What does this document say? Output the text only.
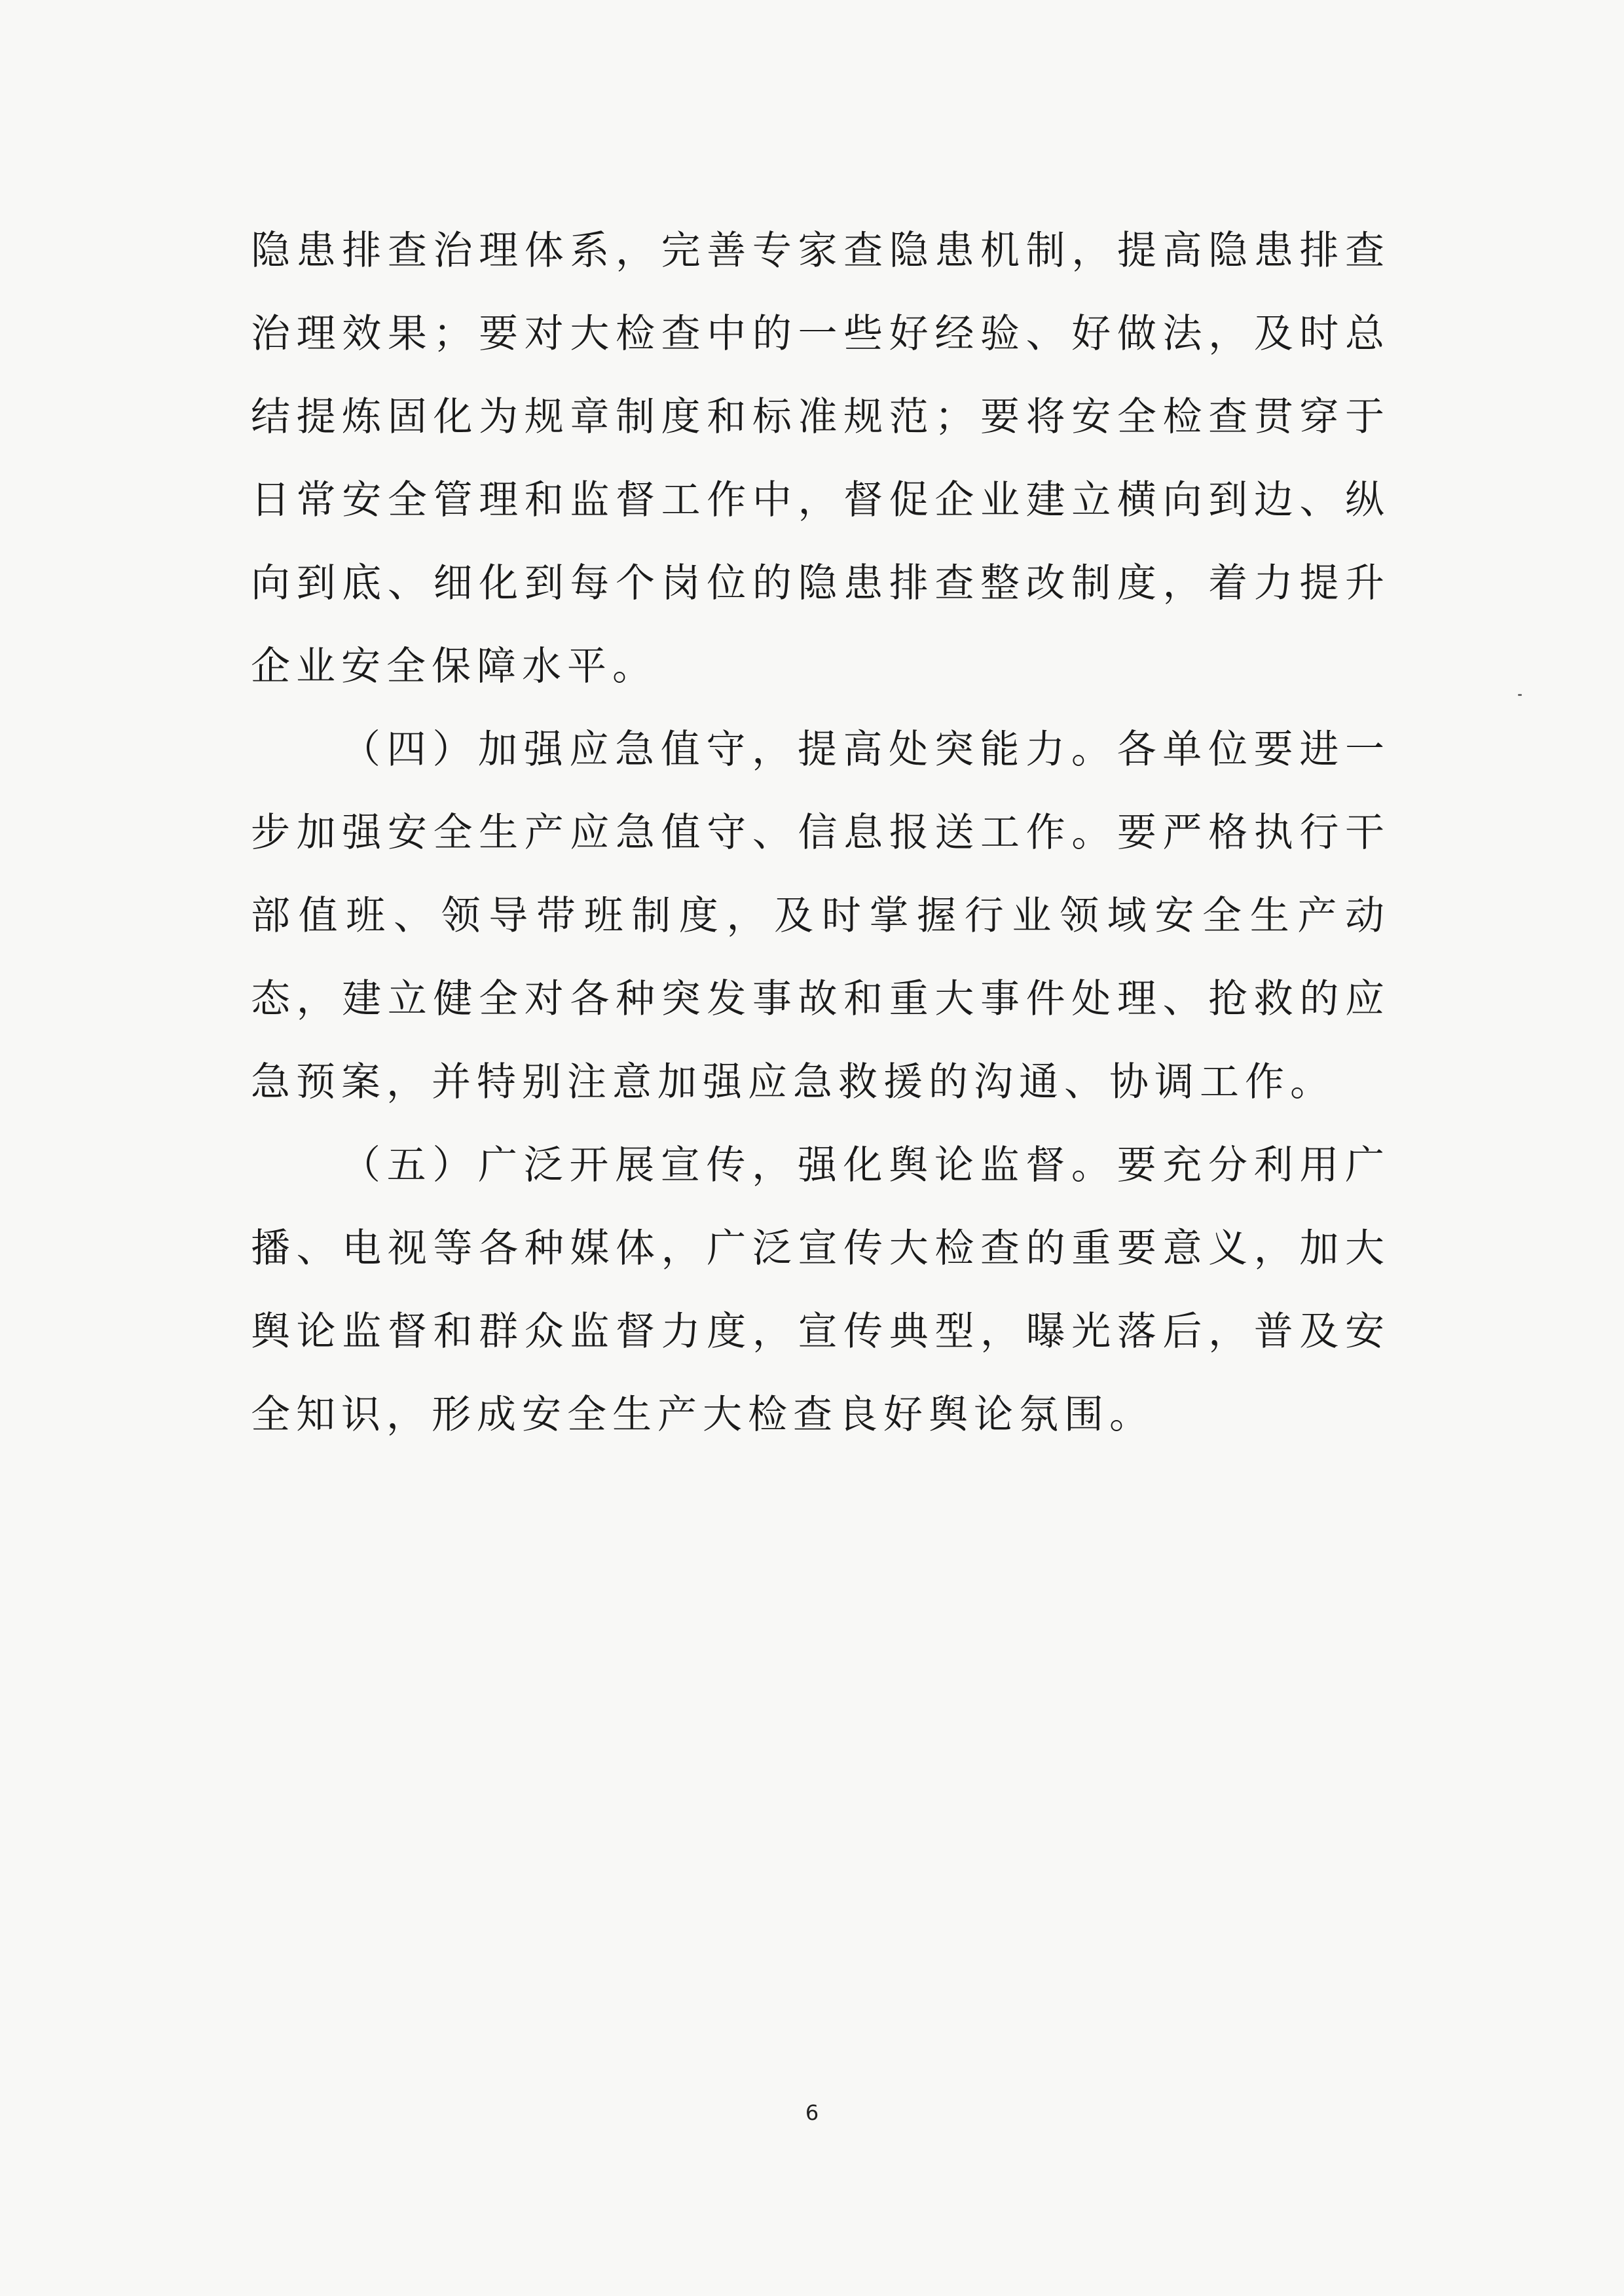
隐患排查治理体系，完善专家查隐患机制，提高隐患排查治理效果；要对大检查中的一些好经验、好做法，及时总结提炼固化为规章制度和标准规范；要将安全检查贯穿于日常安全管理和监督工作中，督促企业建立横向到边、纵向到底、细化到每个岗位的隐患排查整改制度，着力提升企业安全保障水平。

（四）加强应急值守，提高处突能力。各单位要进一步加强安全生产应急值守、信息报送工作。要严格执行干部值班、领导带班制度，及时掌握行业领域安全生产动态，建立健全对各种突发事故和重大事件处理、抢救的应急预案，并特别注意加强应急救援的沟通、协调工作。

（五）广泛开展宣传，强化舆论监督。要充分利用广播、电视等各种媒体，广泛宣传大检查的重要意义，加大舆论监督和群众监督力度，宣传典型，曝光落后，普及安全知识，形成安全生产大检查良好舆论氛围。

6
